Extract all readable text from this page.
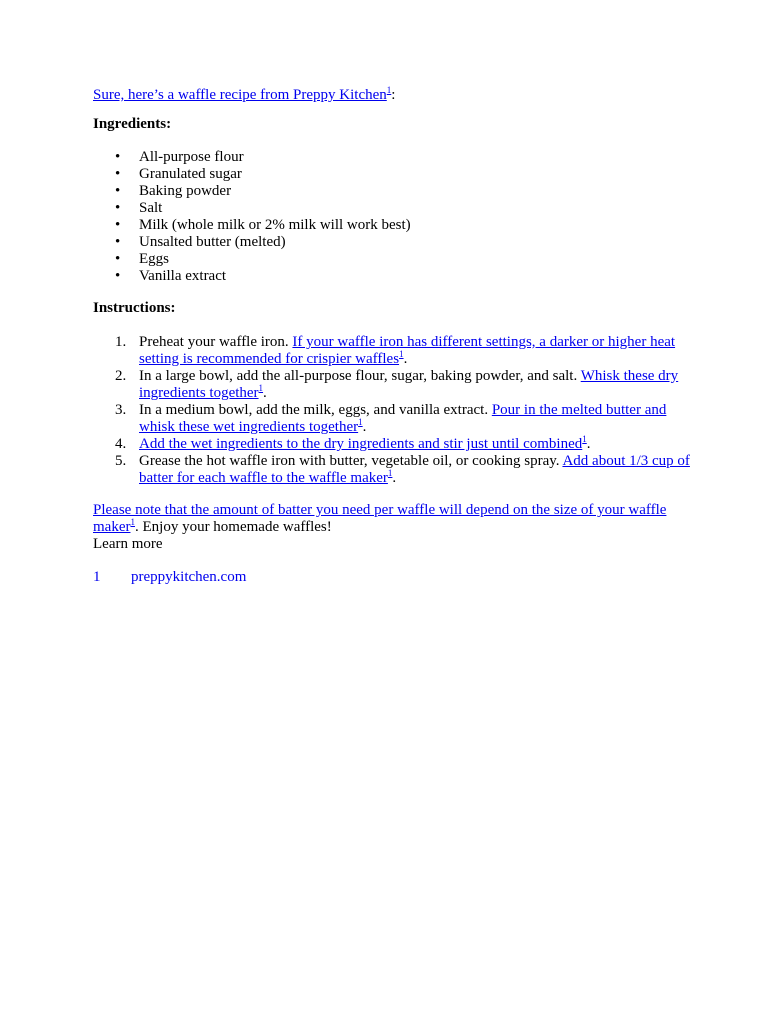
Sure, here’s a waffle recipe from Preppy Kitchen$^1$:
Ingredients:
• All-purpose flour
• Granulated sugar
• Baking powder
• Salt
• Milk (whole milk or 2% milk will work best)
• Unsalted butter (melted)
• Eggs
• Vanilla extract
Instructions:
1. Preheat your waffle iron. If your waffle iron has different settings, a darker or higher heat setting is recommended for crispier waffles$^1$.
2. In a large bowl, add the all-purpose flour, sugar, baking powder, and salt. Whisk these dry ingredients together$^1$.
3. In a medium bowl, add the milk, eggs, and vanilla extract. Pour in the melted butter and whisk these wet ingredients together$^1$.
4. Add the wet ingredients to the dry ingredients and stir just until combined$^1$.
5. Grease the hot waffle iron with butter, vegetable oil, or cooking spray. Add about 1/3 cup of batter for each waffle to the waffle maker$^1$.
Please note that the amount of batter you need per waffle will depend on the size of your waffle maker$^1$. Enjoy your homemade waffles!
Learn more
1 preppykitchen.com
